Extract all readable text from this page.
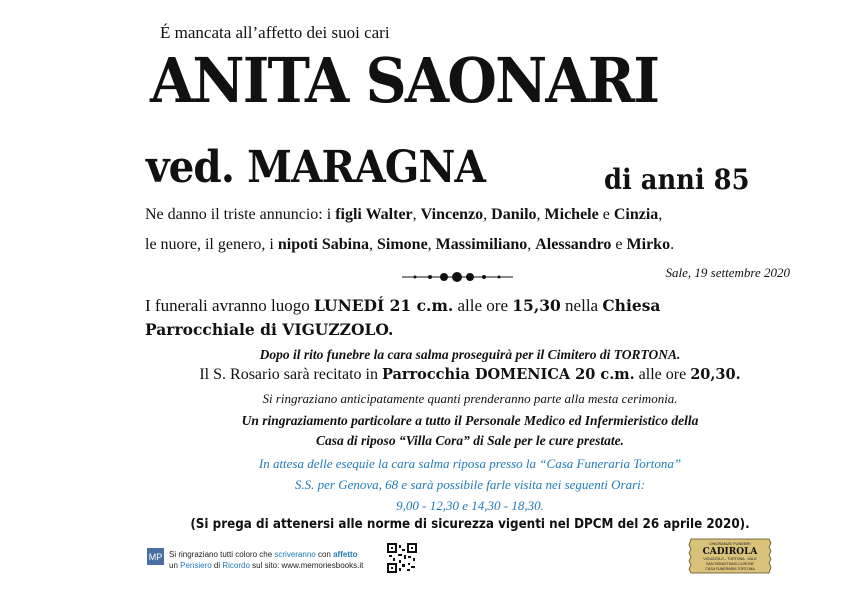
É mancata all’affetto dei suoi cari
ANITA SAONARI
ved. MARAGNA	di anni 85
Ne danno il triste annuncio: i figli Walter, Vincenzo, Danilo, Michele e Cinzia,
le nuore, il genero, i nipoti Sabina, Simone, Massimiliano, Alessandro e Mirko.
Sale, 19 settembre 2020
I funerali avranno luogo LUNEDÍ 21 c.m. alle ore 15,30 nella Chiesa
Parrocchiale di VIGUZZOLO.
Dopo il rito funebre la cara salma proseguirà per il Cimitero di TORTONA.
Il S. Rosario sarà recitato in Parrocchia DOMENICA 20 c.m. alle ore 20,30.
Si ringraziano anticipatamente quanti prenderanno parte alla mesta cerimonia.
Un ringraziamento particolare a tutto il Personale Medico ed Infermieristico della
Casa di riposo “Villa Cora” di Sale per le cure prestate.
In attesa delle esequie la cara salma riposa presso la “Casa Funeraria Tortona”
S.S. per Genova, 68 e sarà possibile farle visita nei seguenti Orari:
9,00 - 12,30 e 14,30 - 18,30.
(Si prega di attenersi alle norme di sicurezza vigenti nel DPCM del 26 aprile 2020).
MP Si ringraziano tutti coloro che scriveranno con affetto
un Pensiero di Ricordo sul sito: www.memoriesbooks.it
ONORANZE FUNEBRI
CADIROLA
VIGUZZOLO - TORTONA - SALE
SAN SEBASTIANO CURONE
CASA FUNERARIA TORTONA
